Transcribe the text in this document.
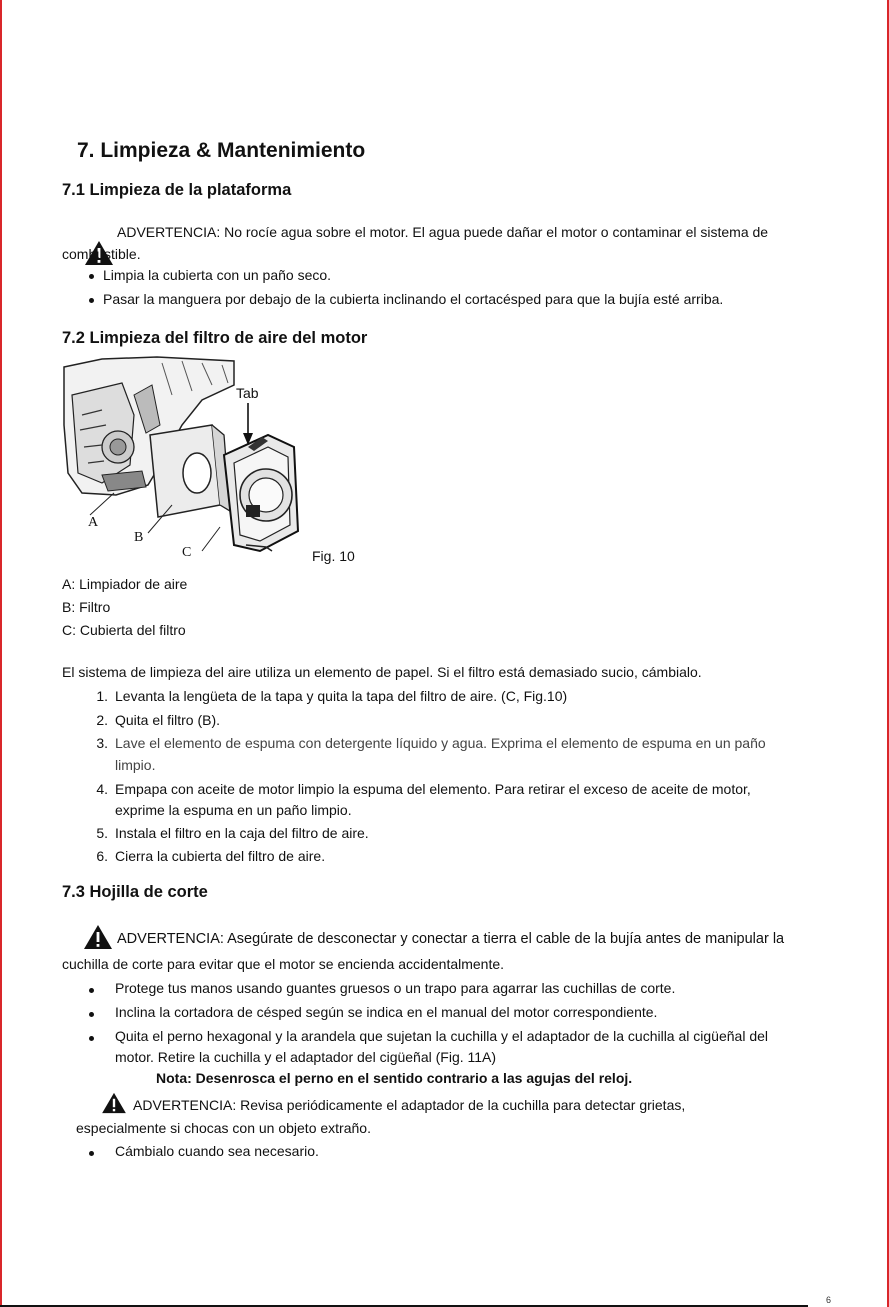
7. Limpieza & Mantenimiento
7.1 Limpieza de la plataforma
ADVERTENCIA: No rocíe agua sobre el motor. El agua puede dañar el motor o contaminar el sistema de
combustible.
Limpia la cubierta con un paño seco.
Pasar la manguera por debajo de la cubierta inclinando el cortacésped para que la bujía esté arriba.
7.2 Limpieza del filtro de aire del motor
Tab
A
B
C	Fig. 10
A: Limpiador de aire
B: Filtro
C: Cubierta del filtro
El sistema de limpieza del aire utiliza un elemento de papel. Si el filtro está demasiado sucio, cámbialo.
1. Levanta la lengüeta de la tapa y quita la tapa del filtro de aire. (C, Fig.10)
2. Quita el filtro (B).
3. Lave el elemento de espuma con detergente líquido y agua. Exprima el elemento de espuma en un paño
limpio.
4. Empapa con aceite de motor limpio la espuma del elemento. Para retirar el exceso de aceite de motor,
exprime la espuma en un paño limpio.
5. Instala el filtro en la caja del filtro de aire.
6. Cierra la cubierta del filtro de aire.
7.3 Hojilla de corte
ADVERTENCIA: Asegúrate de desconectar y conectar a tierra el cable de la bujía antes de manipular la
cuchilla de corte para evitar que el motor se encienda accidentalmente.
Protege tus manos usando guantes gruesos o un trapo para agarrar las cuchillas de corte.
Inclina la cortadora de césped según se indica en el manual del motor correspondiente.
Quita el perno hexagonal y la arandela que sujetan la cuchilla y el adaptador de la cuchilla al cigüeñal del
motor. Retire la cuchilla y el adaptador del cigüeñal (Fig. 11A)
Nota: Desenrosca el perno en el sentido contrario a las agujas del reloj.
ADVERTENCIA: Revisa periódicamente el adaptador de la cuchilla para detectar grietas,
especialmente si chocas con un objeto extraño.
Cámbialo cuando sea necesario.
6
